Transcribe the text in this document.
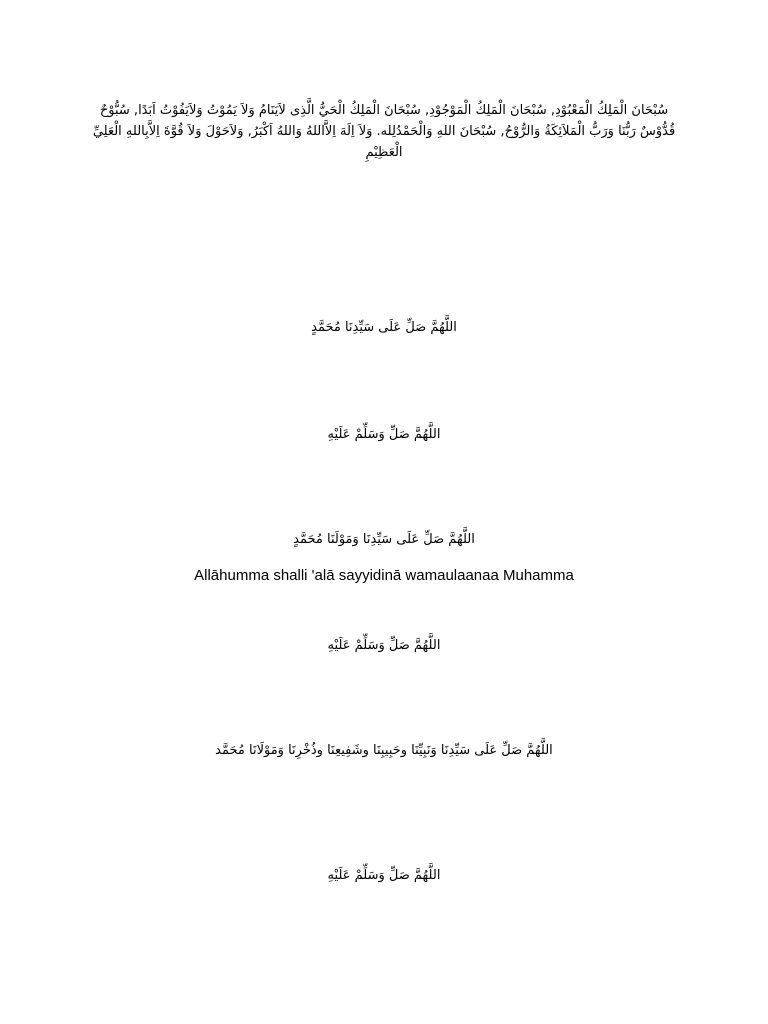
سُبْحَانَ الْمَلِكُ الْمَعْبُوْدِ, سُبْحَانَ الْمَلِكُ الْمَوْجُوْدِ, سُبْحَانَ الْمَلِكُ الْحَيُّ الَّذِى لاَيَنَامُ وَلاَ يَمُوْتُ وَلاَيَفُوْتُ اَبَدًا, سُبُّوْحٌ قُدُّوْسٌ رَبُّنَا وَرَبُّ الْمَلاَئِكَةُ وَالرُّوْحُ, سُبْحَانَ اللهِ وَالْحَمْدُلِله. وَلاَ اِلَهَ اِلاَّاللهُ وَاللهُ اَكْبَرُ, وَلاَحَوْلَ وَلاَ قُوَّةَ اِلاَّبِاللهِ الْعَلِيِّ الْعَظِيْمِ

اللَّهُمَّ صَلِّ عَلَى سَيِّدِنَا مُحَمَّدٍ

اللَّهُمَّ صَلِّ وَسَلِّمْ عَلَيْهِ

اللَّهُمَّ صَلِّ عَلَى سَيِّدِنَا وَمَوْلَنَا مُحَمَّدٍ

Allāhumma shalli 'alā sayyidinā wamaulaanaa Muhamma

اللَّهُمَّ صَلِّ وَسَلِّمْ عَلَيْهِ

اللَّهُمَّ صَلِّ عَلَى سَيِّدِنَا وَنَبِيِّنَا وحَبِيبِنَا وشَفِيعِنَا وذُخْرِنَا وَمَوْلَانَا مُحَمَّد

اللَّهُمَّ صَلِّ وَسَلِّمْ عَلَيْهِ
